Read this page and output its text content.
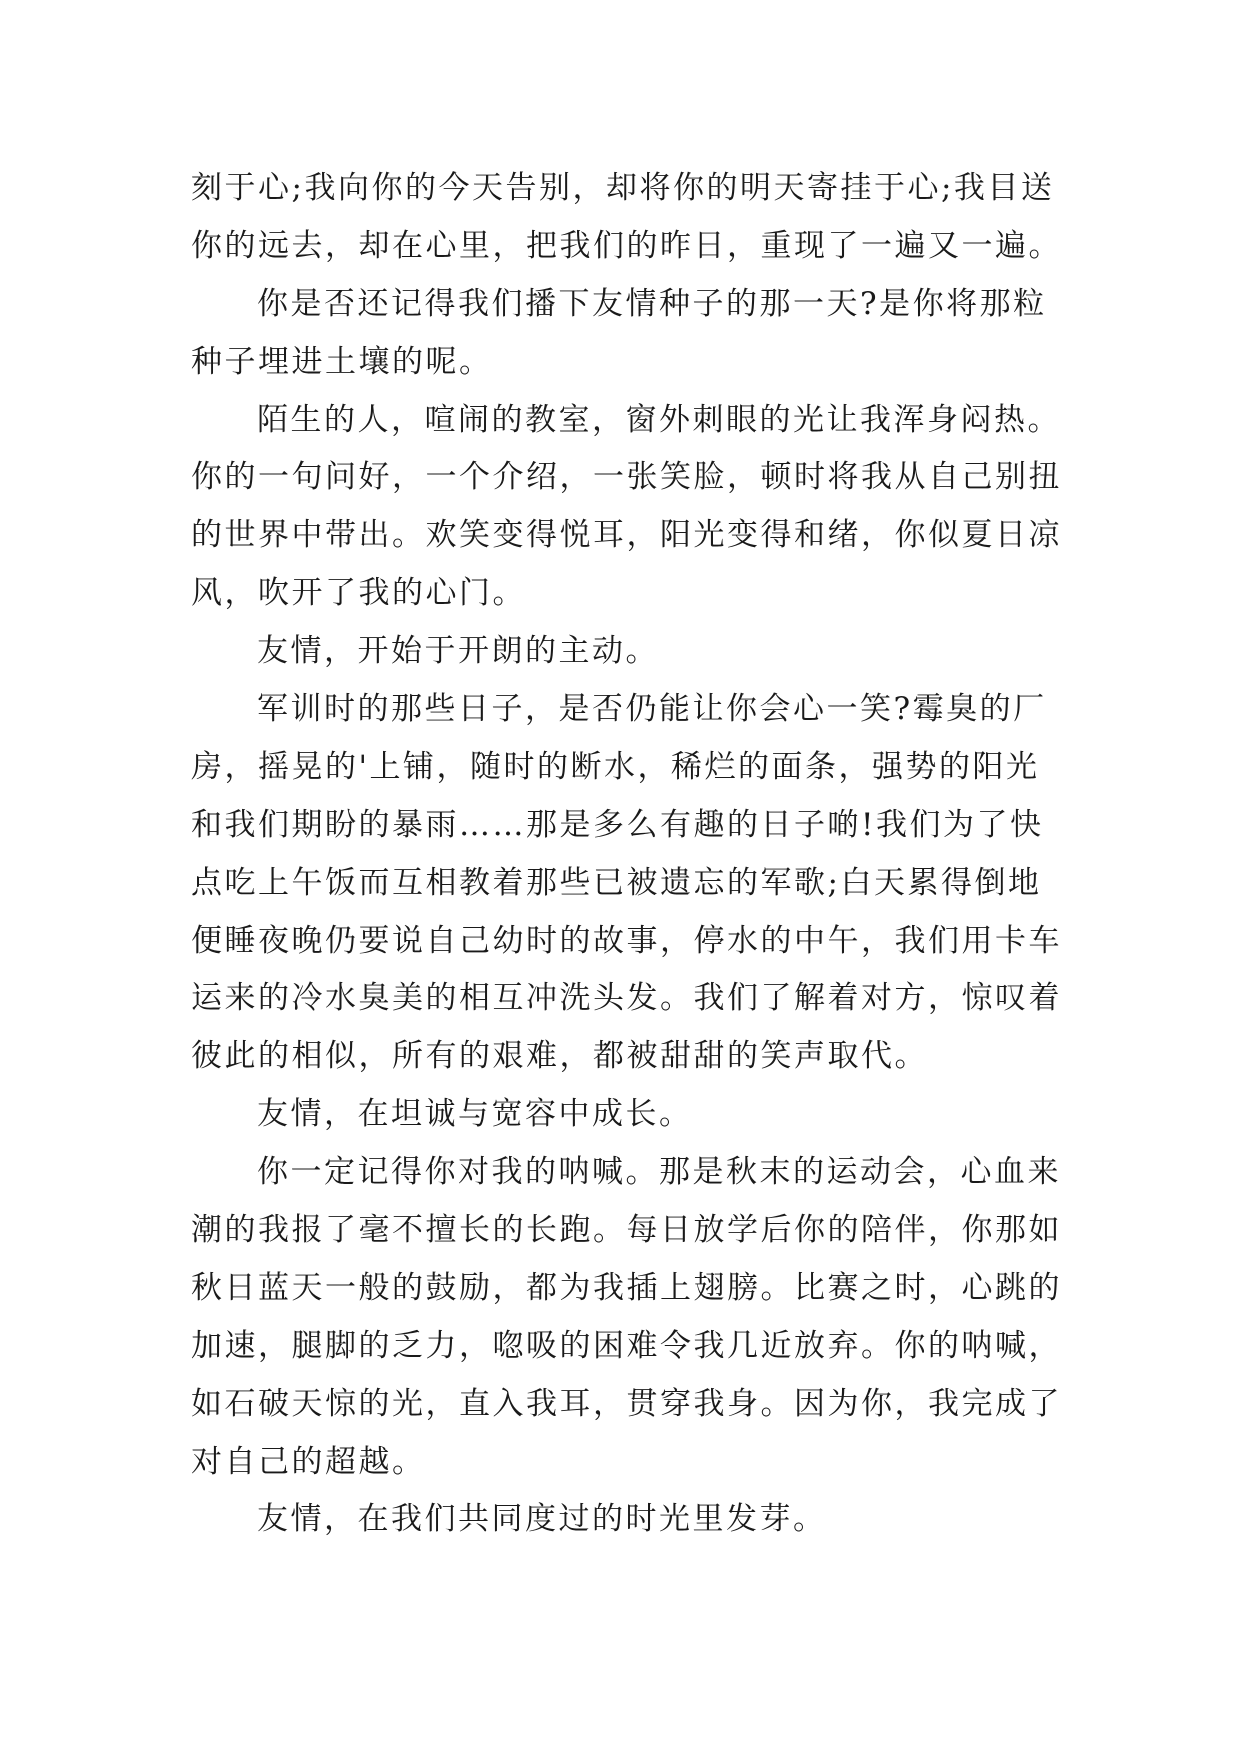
刻于心;我向你的今天告别，却将你的明天寄挂于心;我目送
你的远去，却在心里，把我们的昨日，重现了一遍又一遍。
你是否还记得我们播下友情种子的那一天?是你将那粒
种子埋进土壤的呢。
陌生的人，喧闹的教室，窗外刺眼的光让我浑身闷热。
你的一句问好，一个介绍，一张笑脸，顿时将我从自己别扭
的世界中带出。欢笑变得悦耳，阳光变得和绪，你似夏日凉
风，吹开了我的心门。
友情，开始于开朗的主动。
军训时的那些日子，是否仍能让你会心一笑?霉臭的厂
房，摇晃的'上铺，随时的断水，稀烂的面条，强势的阳光
和我们期盼的暴雨……那是多么有趣的日子啲!我们为了快
点吃上午饭而互相教着那些已被遗忘的军歌;白天累得倒地
便睡夜晚仍要说自己幼时的故事，停水的中午，我们用卡车
运来的冷水臭美的相互冲洗头发。我们了解着对方，惊叹着
彼此的相似，所有的艰难，都被甜甜的笑声取代。
友情，在坦诚与宽容中成长。
你一定记得你对我的呐喊。那是秋末的运动会，心血来
潮的我报了毫不擅长的长跑。每日放学后你的陪伴，你那如
秋日蓝天一般的鼓励，都为我插上翅膀。比赛之时，心跳的
加速，腿脚的乏力，唿吸的困难令我几近放弃。你的呐喊，
如石破天惊的光，直入我耳，贯穿我身。因为你，我完成了
对自己的超越。
友情，在我们共同度过的时光里发芽。
